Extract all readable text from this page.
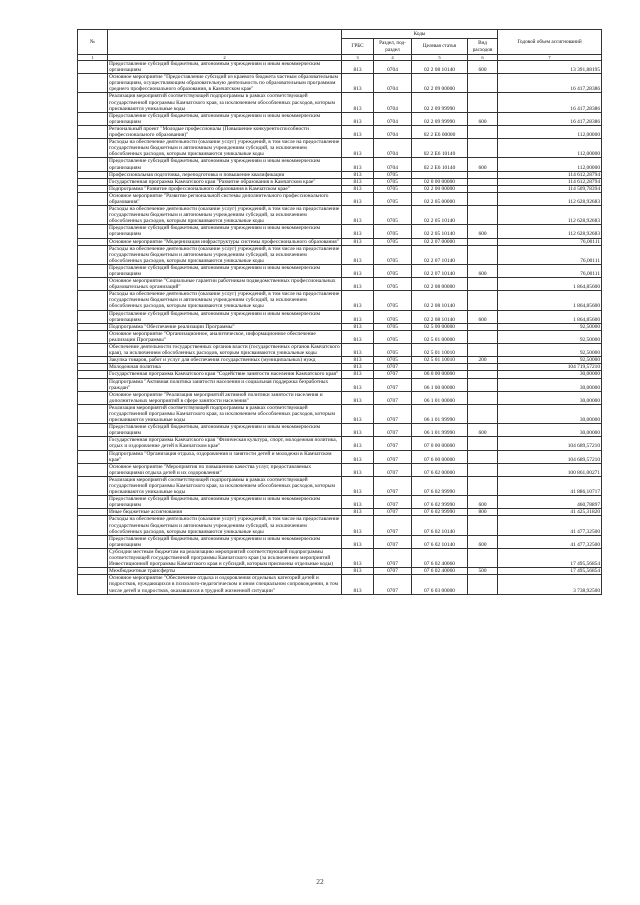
№		Коды				Годовой объем ассигнований
		ГРБС	Раздел, под-раздел	Целевая статья	Вид расходов	
1	2	3	4	5	6	7
	Предоставление субсидий бюджетным, автономным учреждениям и иным некоммерческим организациям	813	0704	02 2 08 10140	600	13 391,88195
	Основное мероприятие "Предоставление субсидий из краевого бюджета частным образовательным организациям, осуществляющим образовательную деятельность по образовательным программам среднего профессионального образования, в Камчатском крае"	813	0704	02 2 09 00000		16 417,28386
	Реализация мероприятий соответствующей подпрограммы в рамках соответствующей государственной программы Камчатского края, за исключением обособленных расходов, которым присваиваются уникальные коды	813	0704	02 2 09 99990		16 417,28386
	Предоставление субсидий бюджетным, автономным учреждениям и иным некоммерческим организациям	813	0704	02 2 09 99990	600	16 417,28386
	Региональный проект "Молодые профессионалы (Повышение конкурентоспособности профессионального образования)"	813	0704	02 2 E6 00000		112,00000
	Расходы на обеспечение деятельности (оказание услуг) учреждений, в том числе на предоставление государственным бюджетным и автономным учреждениям субсидий, за исключением обособленных расходов, которым присваиваются уникальные коды	813	0704	02 2 E6 10140		112,00000
	Предоставление субсидий бюджетным, автономным учреждениям и иным некоммерческим организациям	813	0704	02 2 E6 10140	600	112,00000
	Профессиональная подготовка, переподготовка и повышение квалификации	813	0705			114 612,28794
	Государственная программа Камчатского края "Развитие образования в Камчатском крае"	813	0705	02 0 00 00000		114 612,28794
	Подпрограмма "Развитие профессионального образования в Камчатском крае"	813	0705	02 2 00 00000		114 509,78394
	Основное мероприятие "Развитие региональной системы дополнительного профессионального образования"	813	0705	02 2 05 00000		112 628,92683
	Расходы на обеспечение деятельности (оказание услуг) учреждений, в том числе на предоставление государственным бюджетным и автономным учреждениям субсидий, за исключением обособленных расходов, которым присваиваются уникальные коды	813	0705	02 2 05 10140		112 628,92683
	Предоставление субсидий бюджетным, автономным учреждениям и иным некоммерческим организациям	813	0705	02 2 05 10140	600	112 628,92683
	Основное мероприятие "Модернизация инфраструктуры системы профессионального образования"	813	0705	02 2 07 00000		76,00111
	Расходы на обеспечение деятельности (оказание услуг) учреждений, в том числе на предоставление государственным бюджетным и автономным учреждениям субсидий, за исключением обособленных расходов, которым присваиваются уникальные коды	813	0705	02 2 07 10140		76,00111
	Предоставление субсидий бюджетным, автономным учреждениям и иным некоммерческим организациям	813	0705	02 2 07 10140	600	76,00111
	Основное мероприятие "Социальные гарантии работникам подведомственных профессиональных образовательных организаций"	813	0705	02 2 08 00000		1 864,85600
	Расходы на обеспечение деятельности (оказание услуг) учреждений, в том числе на предоставление государственным бюджетным и автономным учреждениям субсидий, за исключением обособленных расходов, которым присваиваются уникальные коды	813	0705	02 2 08 10140		1 864,85600
	Предоставление субсидий бюджетным, автономным учреждениям и иным некоммерческим организациям	813	0705	02 2 08 10140	600	1 864,85600
	Подпрограмма "Обеспечение реализации Программы"	813	0705	02 5 00 00000		92,50000
	Основное мероприятие "Организационное, аналитическое, информационное обеспечение реализации Программы"	813	0705	02 5 01 00000		92,50000
	Обеспечение деятельности государственных органов власти (государственных органов Камчатского края), за исключением обособленных расходов, которым присваиваются уникальные коды	813	0705	02 5 01 10010		92,50000
	Закупка товаров, работ и услуг для обеспечения государственных (муниципальных) нужд	813	0705	02 5 01 10010	200	92,50000
	Молодежная политика	813	0707			104 719,57210
	Государственная программа Камчатского края "Содействие занятости населения Камчатского края"	813	0707	06 0 00 00000		30,00000
	Подпрограмма "Активная политика занятости населения и социальная поддержка безработных граждан"	813	0707	06 1 00 00000		30,00000
	Основное мероприятие "Реализация мероприятий активной политики занятости населения и дополнительных мероприятий в сфере занятости населения"	813	0707	06 1 01 00000		30,00000
	Реализация мероприятий соответствующей подпрограммы в рамках соответствующей государственной программы Камчатского края, за исключением обособленных расходов, которым присваиваются уникальные коды	813	0707	06 1 01 99990		30,00000
	Предоставление субсидий бюджетным, автономным учреждениям и иным некоммерческим организациям	813	0707	06 1 01 99990	600	30,00000
	Государственная программа Камчатского края "Физическая культура, спорт, молодежная политика, отдых и оздоровление детей в Камчатском крае"	813	0707	07 0 00 00000		104 689,57210
	Подпрограмма "Организация отдыха, оздоровления и занятости детей и молодежи в Камчатском крае"	813	0707	07 6 00 00000		104 689,57210
	Основное мероприятие "Мероприятия по повышению качества услуг, предоставляемых организациями отдыха детей и их оздоровления"	813	0707	07 6 02 00000		100 861,00271
	Реализация мероприятий соответствующей подпрограммы в рамках соответствующей государственной программы Камчатского края, за исключением обособленных расходов, которым присваиваются уникальные коды	813	0707	07 6 02 99990		41 886,10717
	Предоставление субсидий бюджетным, автономным учреждениям и иным некоммерческим организациям	813	0707	07 6 02 99990	600	460,78897
	Иные бюджетные ассигнования	813	0707	07 6 02 99990	800	41 425,31820
	Расходы на обеспечение деятельности (оказание услуг) учреждений, в том числе на предоставление государственным бюджетным и автономным учреждениям субсидий, за исключением обособленных расходов, которым присваиваются уникальные коды	813	0707	07 6 02 10140		41 477,32500
	Предоставление субсидий бюджетным, автономным учреждениям и иным некоммерческим организациям	813	0707	07 6 02 10140	600	41 477,32500
	Субсидии местным бюджетам на реализацию мероприятий соответствующей подпрограммы соответствующей государственной программы Камчатского края (за исключением мероприятий Инвестиционной программы Камчатского края и субсидий, которым присвоены отдельные коды)	813	0707	07 6 02 40060		17 495,56854
	Межбюджетные трансферты	813	0707	07 6 02 40060	500	17 495,56854
	Основное мероприятие "Обеспечение отдыха и оздоровления отдельных категорий детей и подростков, нуждающихся в психолого-педагогическом и ином специальном сопровождении, в том числе детей и подростков, оказавшихся в трудной жизненной ситуации"	813	0707	07 6 03 00000		3 738,92500
22
